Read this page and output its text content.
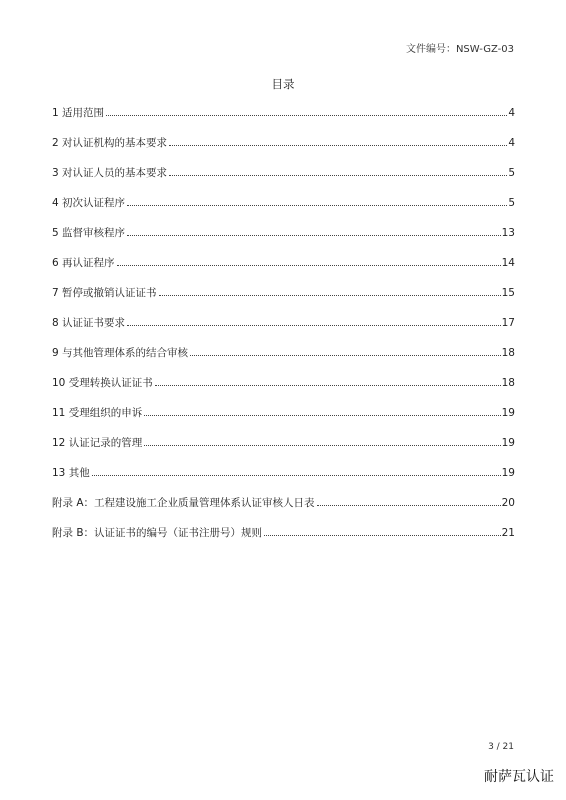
文件编号：NSW-GZ-03
目录
1 适用范围	4
2 对认证机构的基本要求	4
3 对认证人员的基本要求	5
4 初次认证程序	5
5 监督审核程序	13
6 再认证程序	14
7 暂停或撤销认证证书	15
8 认证证书要求	17
9 与其他管理体系的结合审核	18
10 受理转换认证证书	18
11 受理组织的申诉	19
12 认证记录的管理	19
13 其他	19
附录 A：工程建设施工企业质量管理体系认证审核人日表	20
附录 B：认证证书的编号（证书注册号）规则	21
3 / 21
耐萨瓦认证
